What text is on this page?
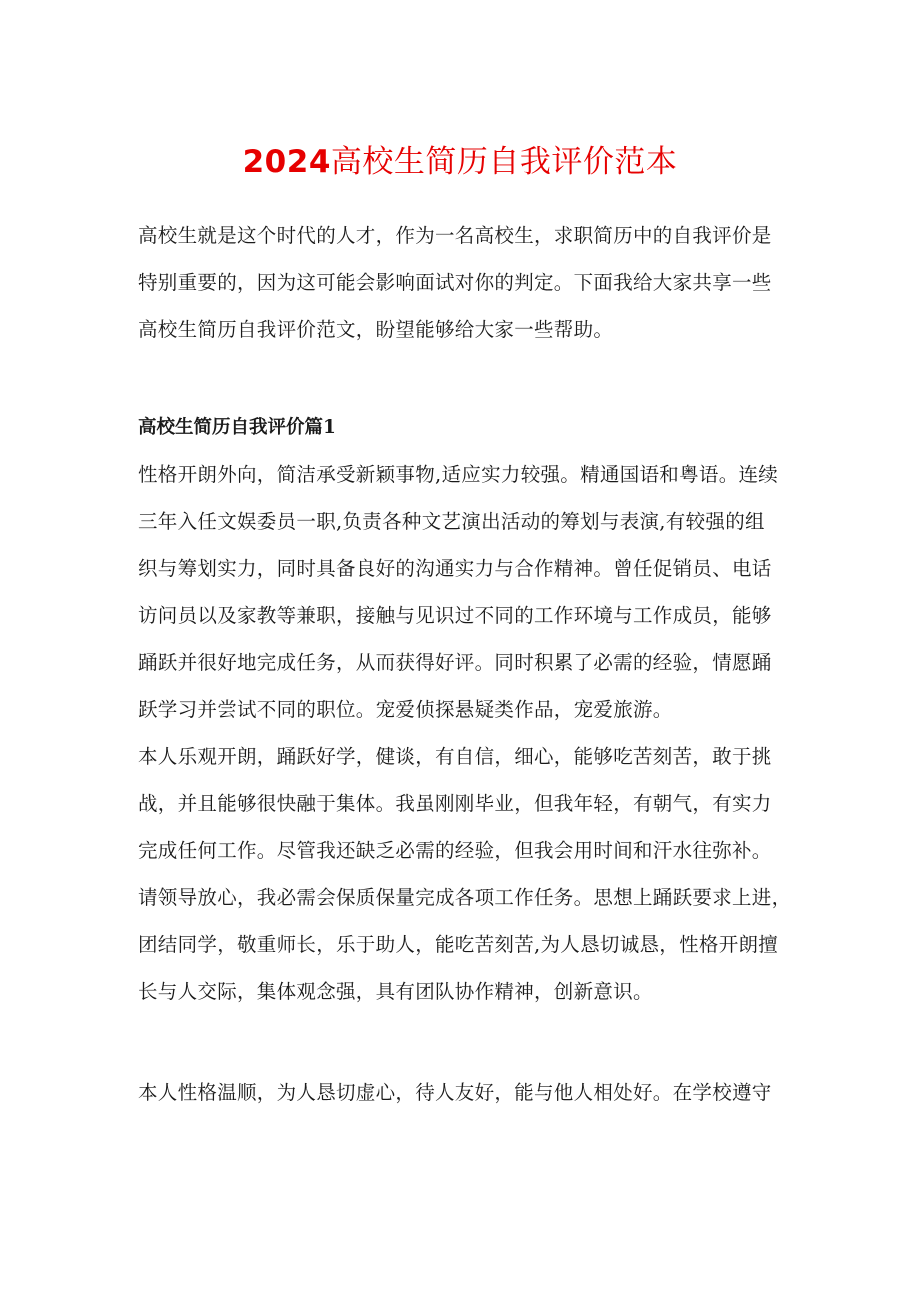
2024高校生简历自我评价范本
高校生就是这个时代的人才，作为一名高校生，求职简历中的自我评价是
特别重要的，因为这可能会影响面试对你的判定。下面我给大家共享一些
高校生简历自我评价范文，盼望能够给大家一些帮助。
高校生简历自我评价篇1
性格开朗外向，简洁承受新颖事物,适应实力较强。精通国语和粤语。连续
三年入任文娱委员一职,负责各种文艺演出活动的筹划与表演,有较强的组
织与筹划实力，同时具备良好的沟通实力与合作精神。曾任促销员、电话
访问员以及家教等兼职，接触与见识过不同的工作环境与工作成员，能够
踊跃并很好地完成任务，从而获得好评。同时积累了必需的经验，情愿踊
跃学习并尝试不同的职位。宠爱侦探悬疑类作品，宠爱旅游。
本人乐观开朗，踊跃好学，健谈，有自信，细心，能够吃苦刻苦，敢于挑
战，并且能够很快融于集体。我虽刚刚毕业，但我年轻，有朝气，有实力
完成任何工作。尽管我还缺乏必需的经验，但我会用时间和汗水往弥补。
请领导放心，我必需会保质保量完成各项工作任务。思想上踊跃要求上进，
团结同学，敬重师长，乐于助人，能吃苦刻苦,为人恳切诚恳，性格开朗擅
长与人交际，集体观念强，具有团队协作精神，创新意识。
本人性格温顺，为人恳切虚心，待人友好，能与他人相处好。在学校遵守
